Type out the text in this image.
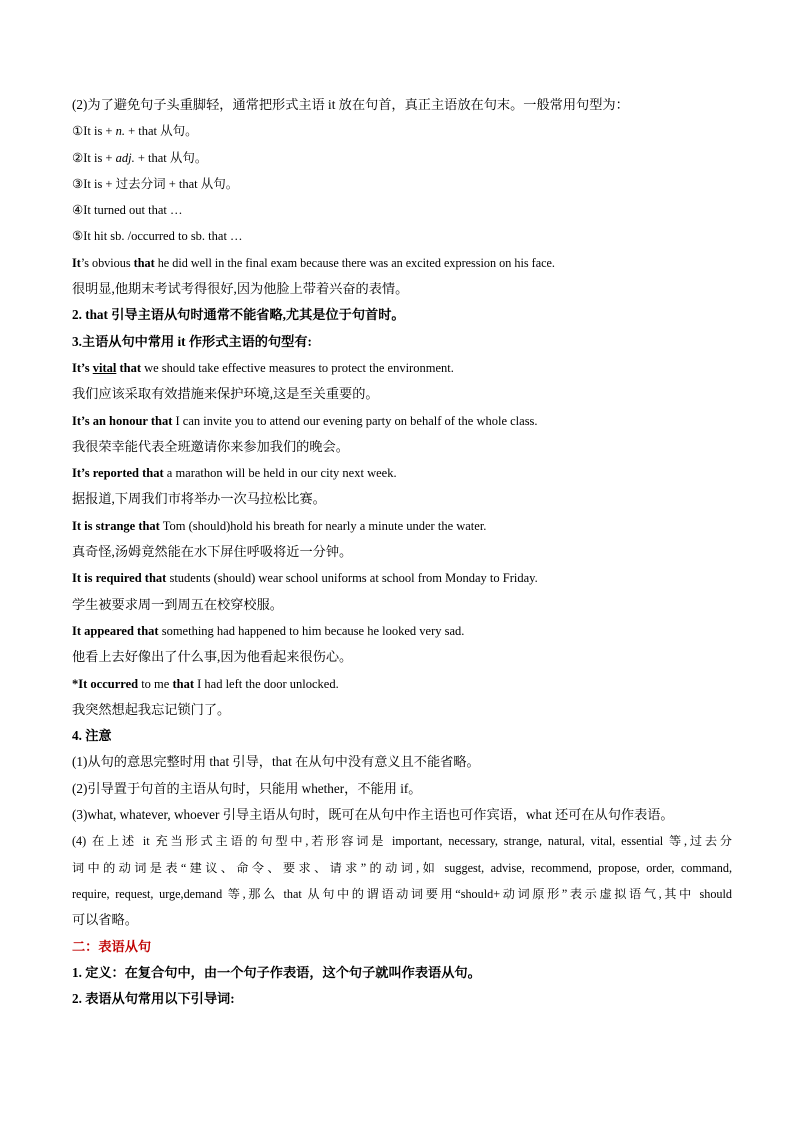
(2)为了避免句子头重脚轻，通常把形式主语 it 放在句首，真正主语放在句末。一般常用句型为：
①It is + n. + that 从句。
②It is + adj. + that 从句。
③It is + 过去分词 + that 从句。
④It turned out that …
⑤It hit sb. /occurred to sb. that …
It’s obvious that he did well in the final exam because there was an excited expression on his face.
很明显,他期末考试考得很好,因为他脸上带着兴奋的表情。
2. that 引导主语从句时通常不能省略,尤其是位于句首时。
3.主语从句中常用 it 作形式主语的句型有:
It’s vital that we should take effective measures to protect the environment.
我们应该采取有效措施来保护环境,这是至关重要的。
It’s an honour that I can invite you to attend our evening party on behalf of the whole class.
我很荣幸能代表全班邀请你来参加我们的晚会。
It’s reported that a marathon will be held in our city next week.
据报道,下周我们市将举办一次马拉松比赛。
It is strange that Tom (should)hold his breath for nearly a minute under the water.
真奇怪,汤姆竟然能在水下屏住呼吸将近一分钟。
It is required that students (should) wear school uniforms at school from Monday to Friday.
学生被要求周一到周五在校穿校服。
It appeared that something had happened to him because he looked very sad.
他看上去好像出了什么事,因为他看起来很伤心。
*It occurred to me that I had left the door unlocked.
我突然想起我忘记锁门了。
4. 注意
(1)从句的意思完整时用 that 引导，that 在从句中没有意义且不能省略。
(2)引导置于句首的主语从句时，只能用 whether，不能用 if。
(3)what, whatever, whoever 引导主语从句时，既可在从句中作主语也可作宾语，what 还可在从句作表语。
(4) 在上述 it 充当形式主语的句型中,若形容词是 important, necessary, strange, natural, vital, essential 等,过去分
词中的动词是表“建议、命令、要求、请求”的动词,如 suggest, advise, recommend, propose, order, command,
require, request, urge,demand 等,那么 that 从句中的谓语动词要用“should+动词原形”表示虚拟语气,其中 should
可以省略。
二：表语从句
1. 定义：在复合句中，由一个句子作表语，这个句子就叫作表语从句。
2. 表语从句常用以下引导词:
